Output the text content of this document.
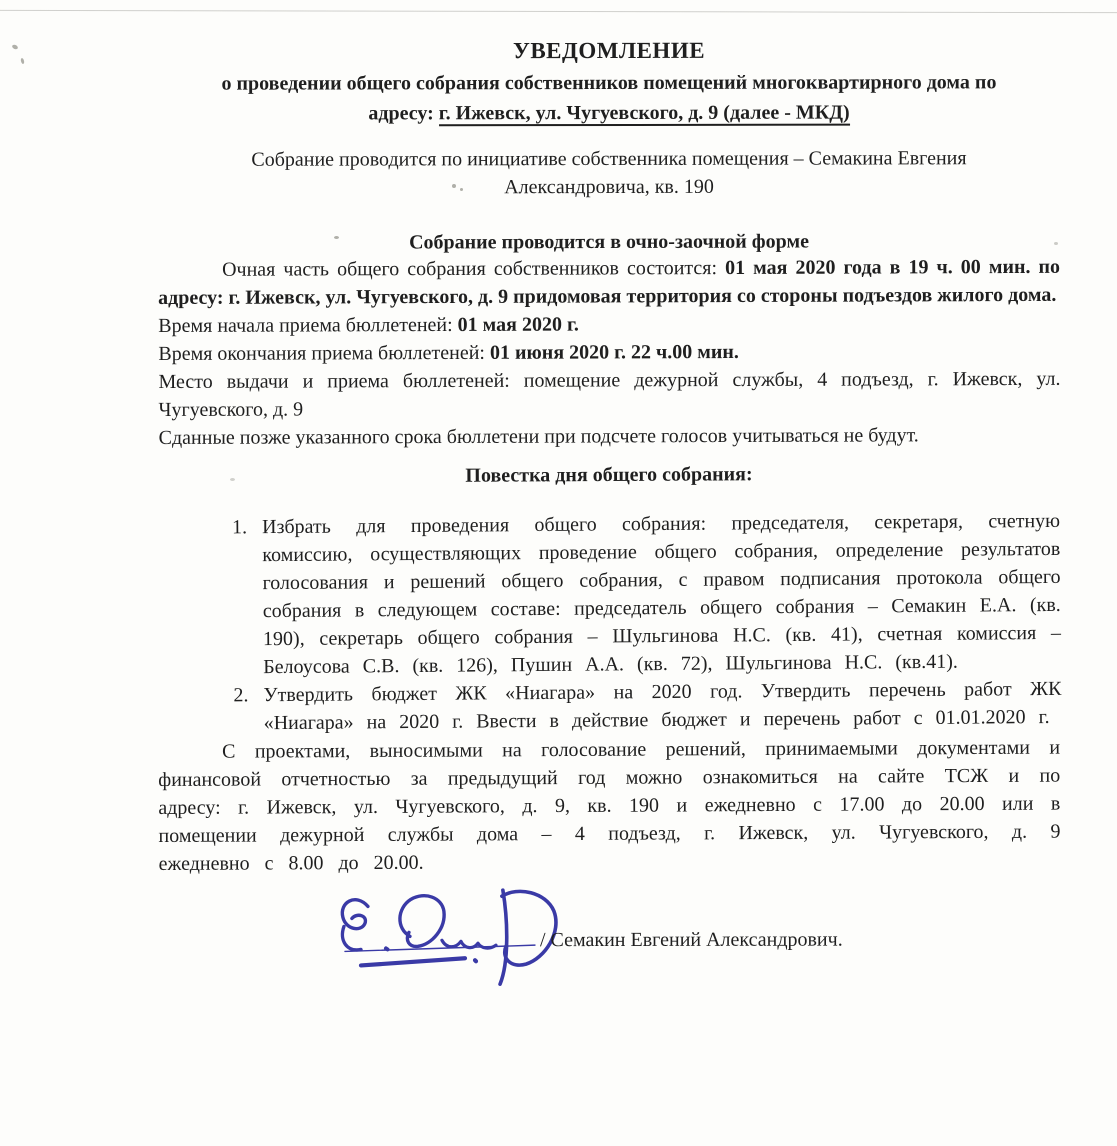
УВЕДОМЛЕНИЕ
о проведении общего собрания собственников помещений многоквартирного дома по
адресу: г. Ижевск, ул. Чугуевского, д. 9 (далее - МКД)
Собрание проводится по инициативе собственника помещения – Семакина Евгения
Александровича, кв. 190
Собрание проводится в очно-заочной форме

Очная часть общего собрания собственников состоится: 01 мая 2020 года в 19 ч. 00 мин. по адресу: г. Ижевск, ул. Чугуевского, д. 9 придомовая территория со стороны подъездов жилого дома.

Время начала приема бюллетеней: 01 мая 2020 г.

Время окончания приема бюллетеней: 01 июня 2020 г. 22 ч.00 мин.

Место выдачи и приема бюллетеней: помещение дежурной службы, 4 подъезд, г. Ижевск, ул. Чугуевского, д. 9

Сданные позже указанного срока бюллетени при подсчете голосов учитываться не будут.

Повестка дня общего собрания:
1. Избрать для проведения общего собрания: председателя, секретаря, счетную комиссию, осуществляющих проведение общего собрания, определение результатов голосования и решений общего собрания, с правом подписания протокола общего собрания в следующем составе: председатель общего собрания – Семакин Е.А. (кв. 190), секретарь общего собрания – Шульгинова Н.С. (кв. 41), счетная комиссия – Белоусова С.В. (кв. 126), Пушин А.А. (кв. 72), Шульгинова Н.С. (кв.41).
2. Утвердить бюджет ЖК «Ниагара» на 2020 год. Утвердить перечень работ ЖК «Ниагара» на 2020 г. Ввести в действие бюджет и перечень работ с 01.01.2020 г.

С проектами, выносимыми на голосование решений, принимаемыми документами и финансовой отчетностью за предыдущий год можно ознакомиться на сайте ТСЖ и по адресу: г. Ижевск, ул. Чугуевского, д. 9, кв. 190 и ежедневно с 17.00 до 20.00 или в помещении дежурной службы дома – 4 подъезд, г. Ижевск, ул. Чугуевского, д. 9 ежедневно с 8.00 до 20.00.

/ Семакин Евгений Александрович.
